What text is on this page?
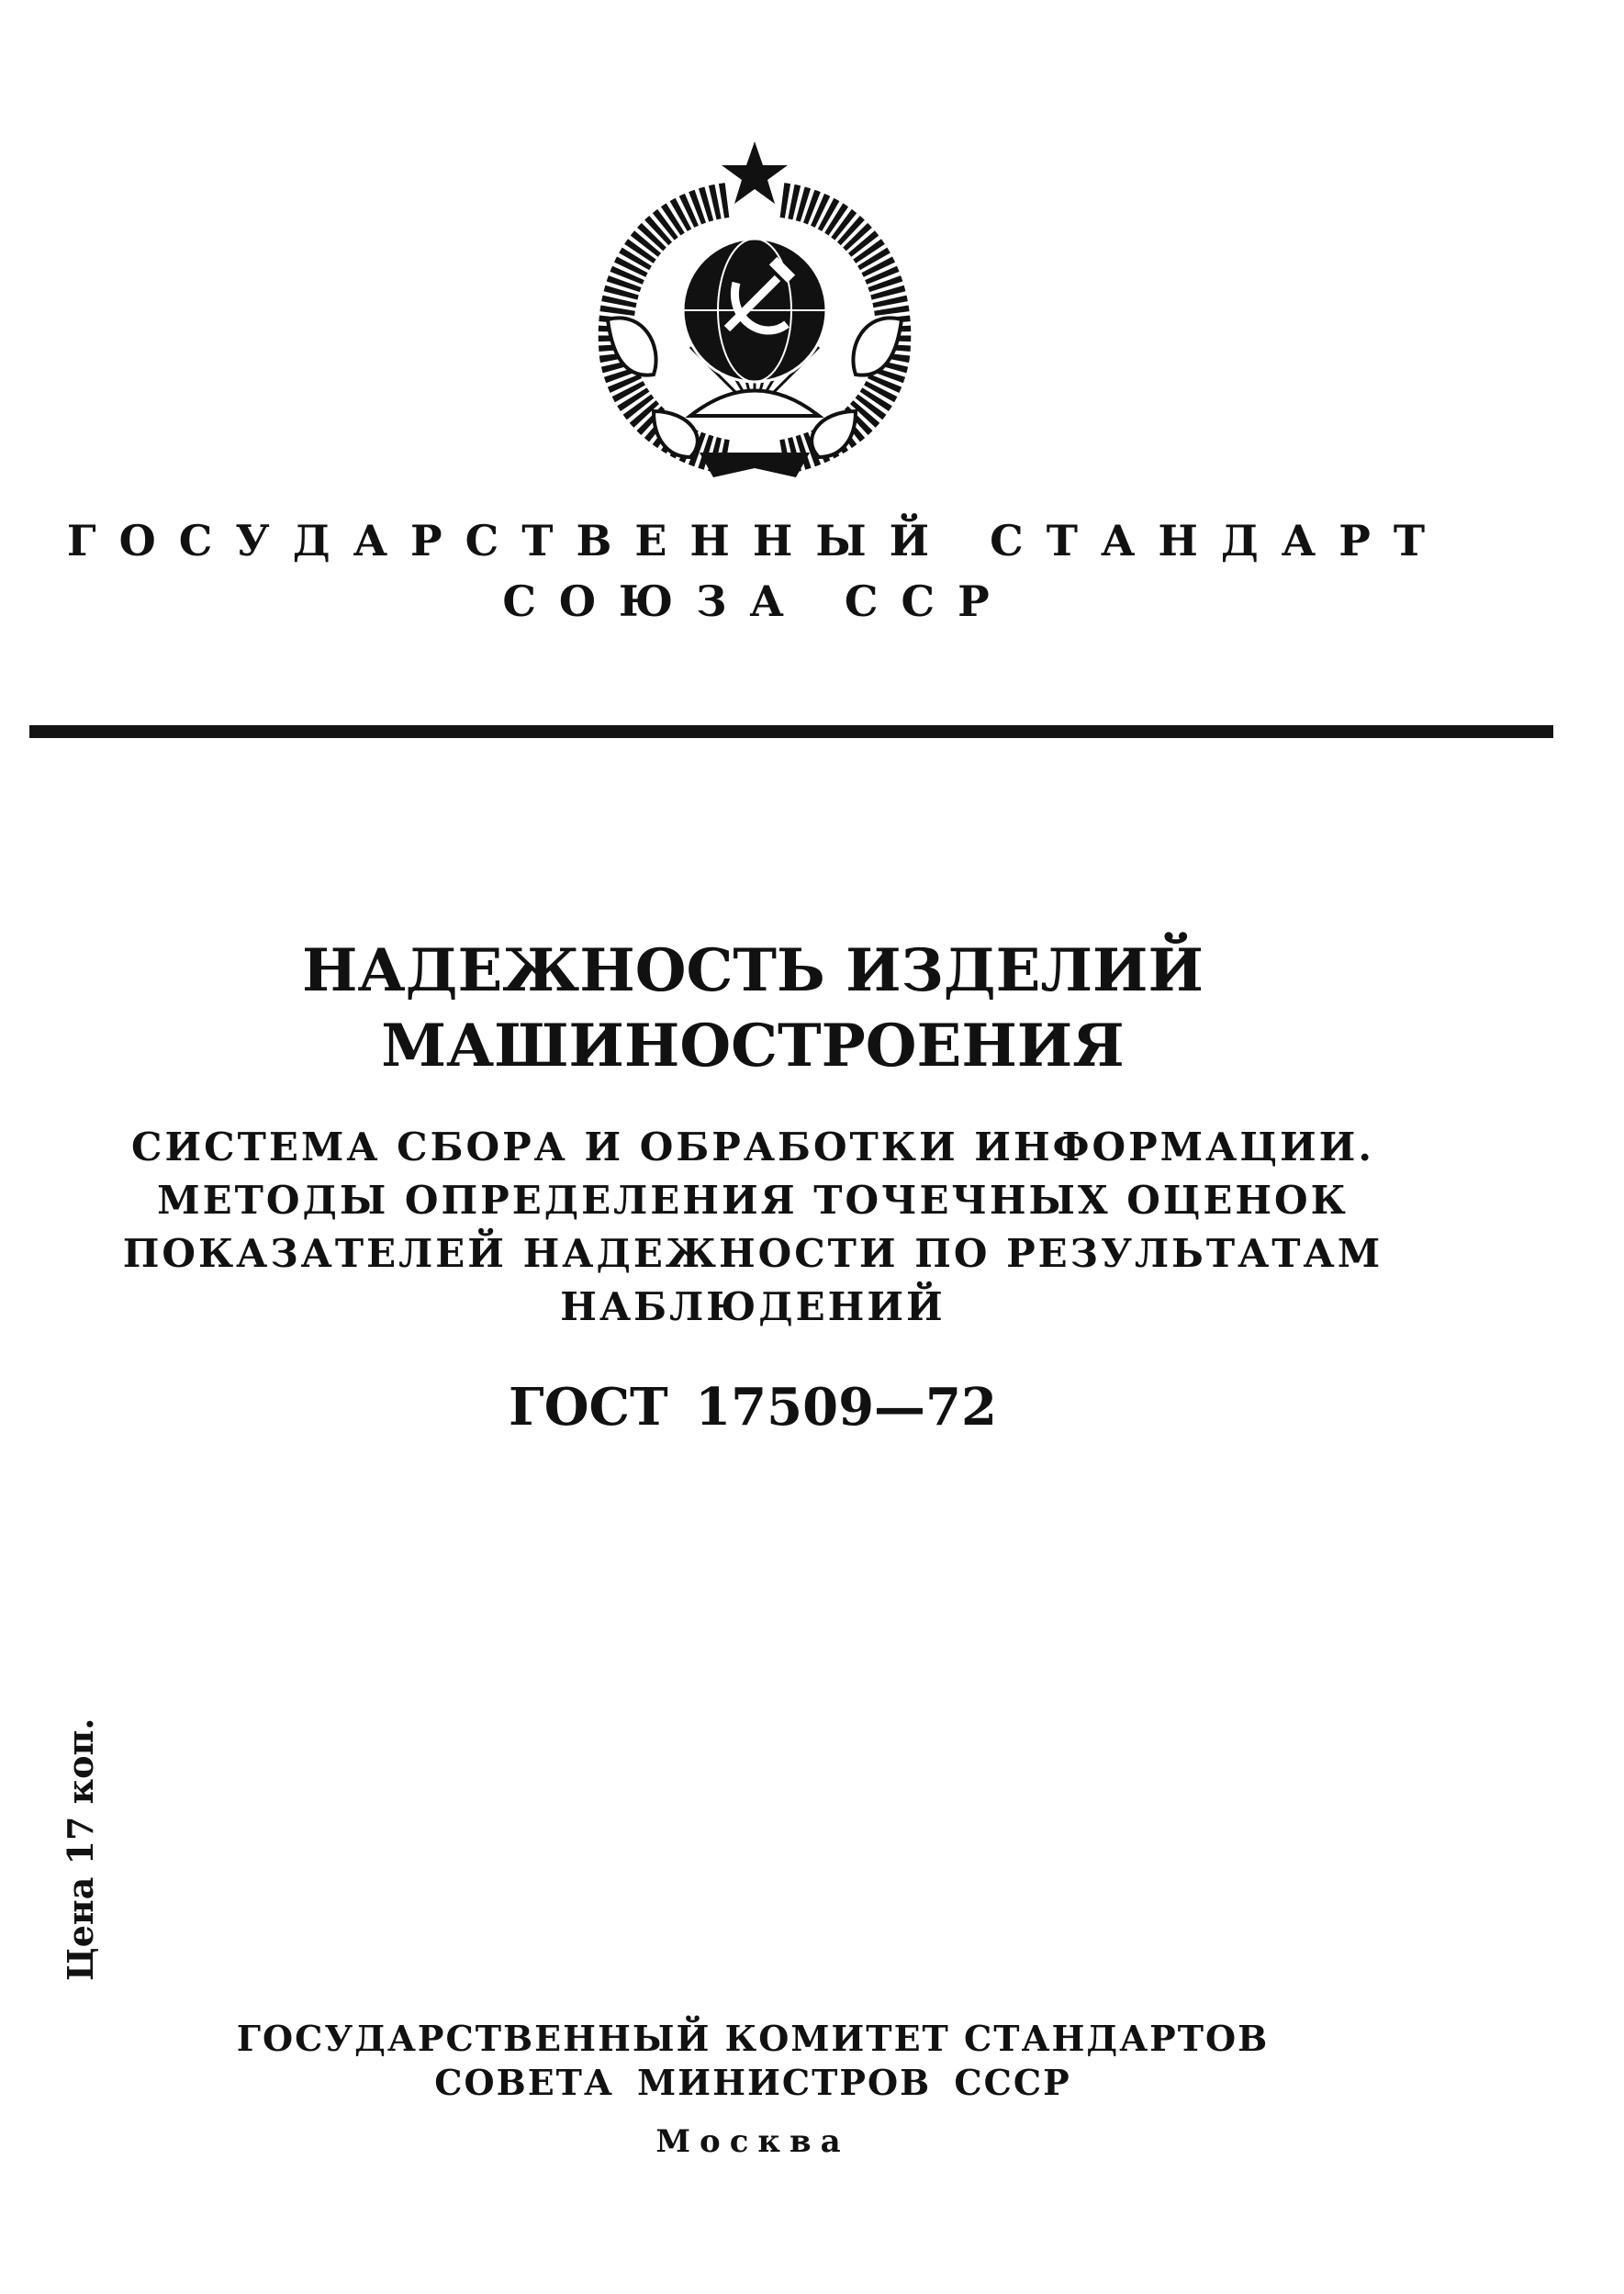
ГОСУДАРСТВЕННЫЙ СТАНДАРТ
СОЮЗА ССР
НАДЕЖНОСТЬ ИЗДЕЛИЙ
МАШИНОСТРОЕНИЯ
СИСТЕМА СБОРА И ОБРАБОТКИ ИНФОРМАЦИИ.
МЕТОДЫ ОПРЕДЕЛЕНИЯ ТОЧЕЧНЫХ ОЦЕНОК
ПОКАЗАТЕЛЕЙ НАДЕЖНОСТИ ПО РЕЗУЛЬТАТАМ
НАБЛЮДЕНИЙ
ГОСТ 17509—72
Цена 17 коп.
ГОСУДАРСТВЕННЫЙ КОМИТЕТ СТАНДАРТОВ
СОВЕТА МИНИСТРОВ СССР
Москва
